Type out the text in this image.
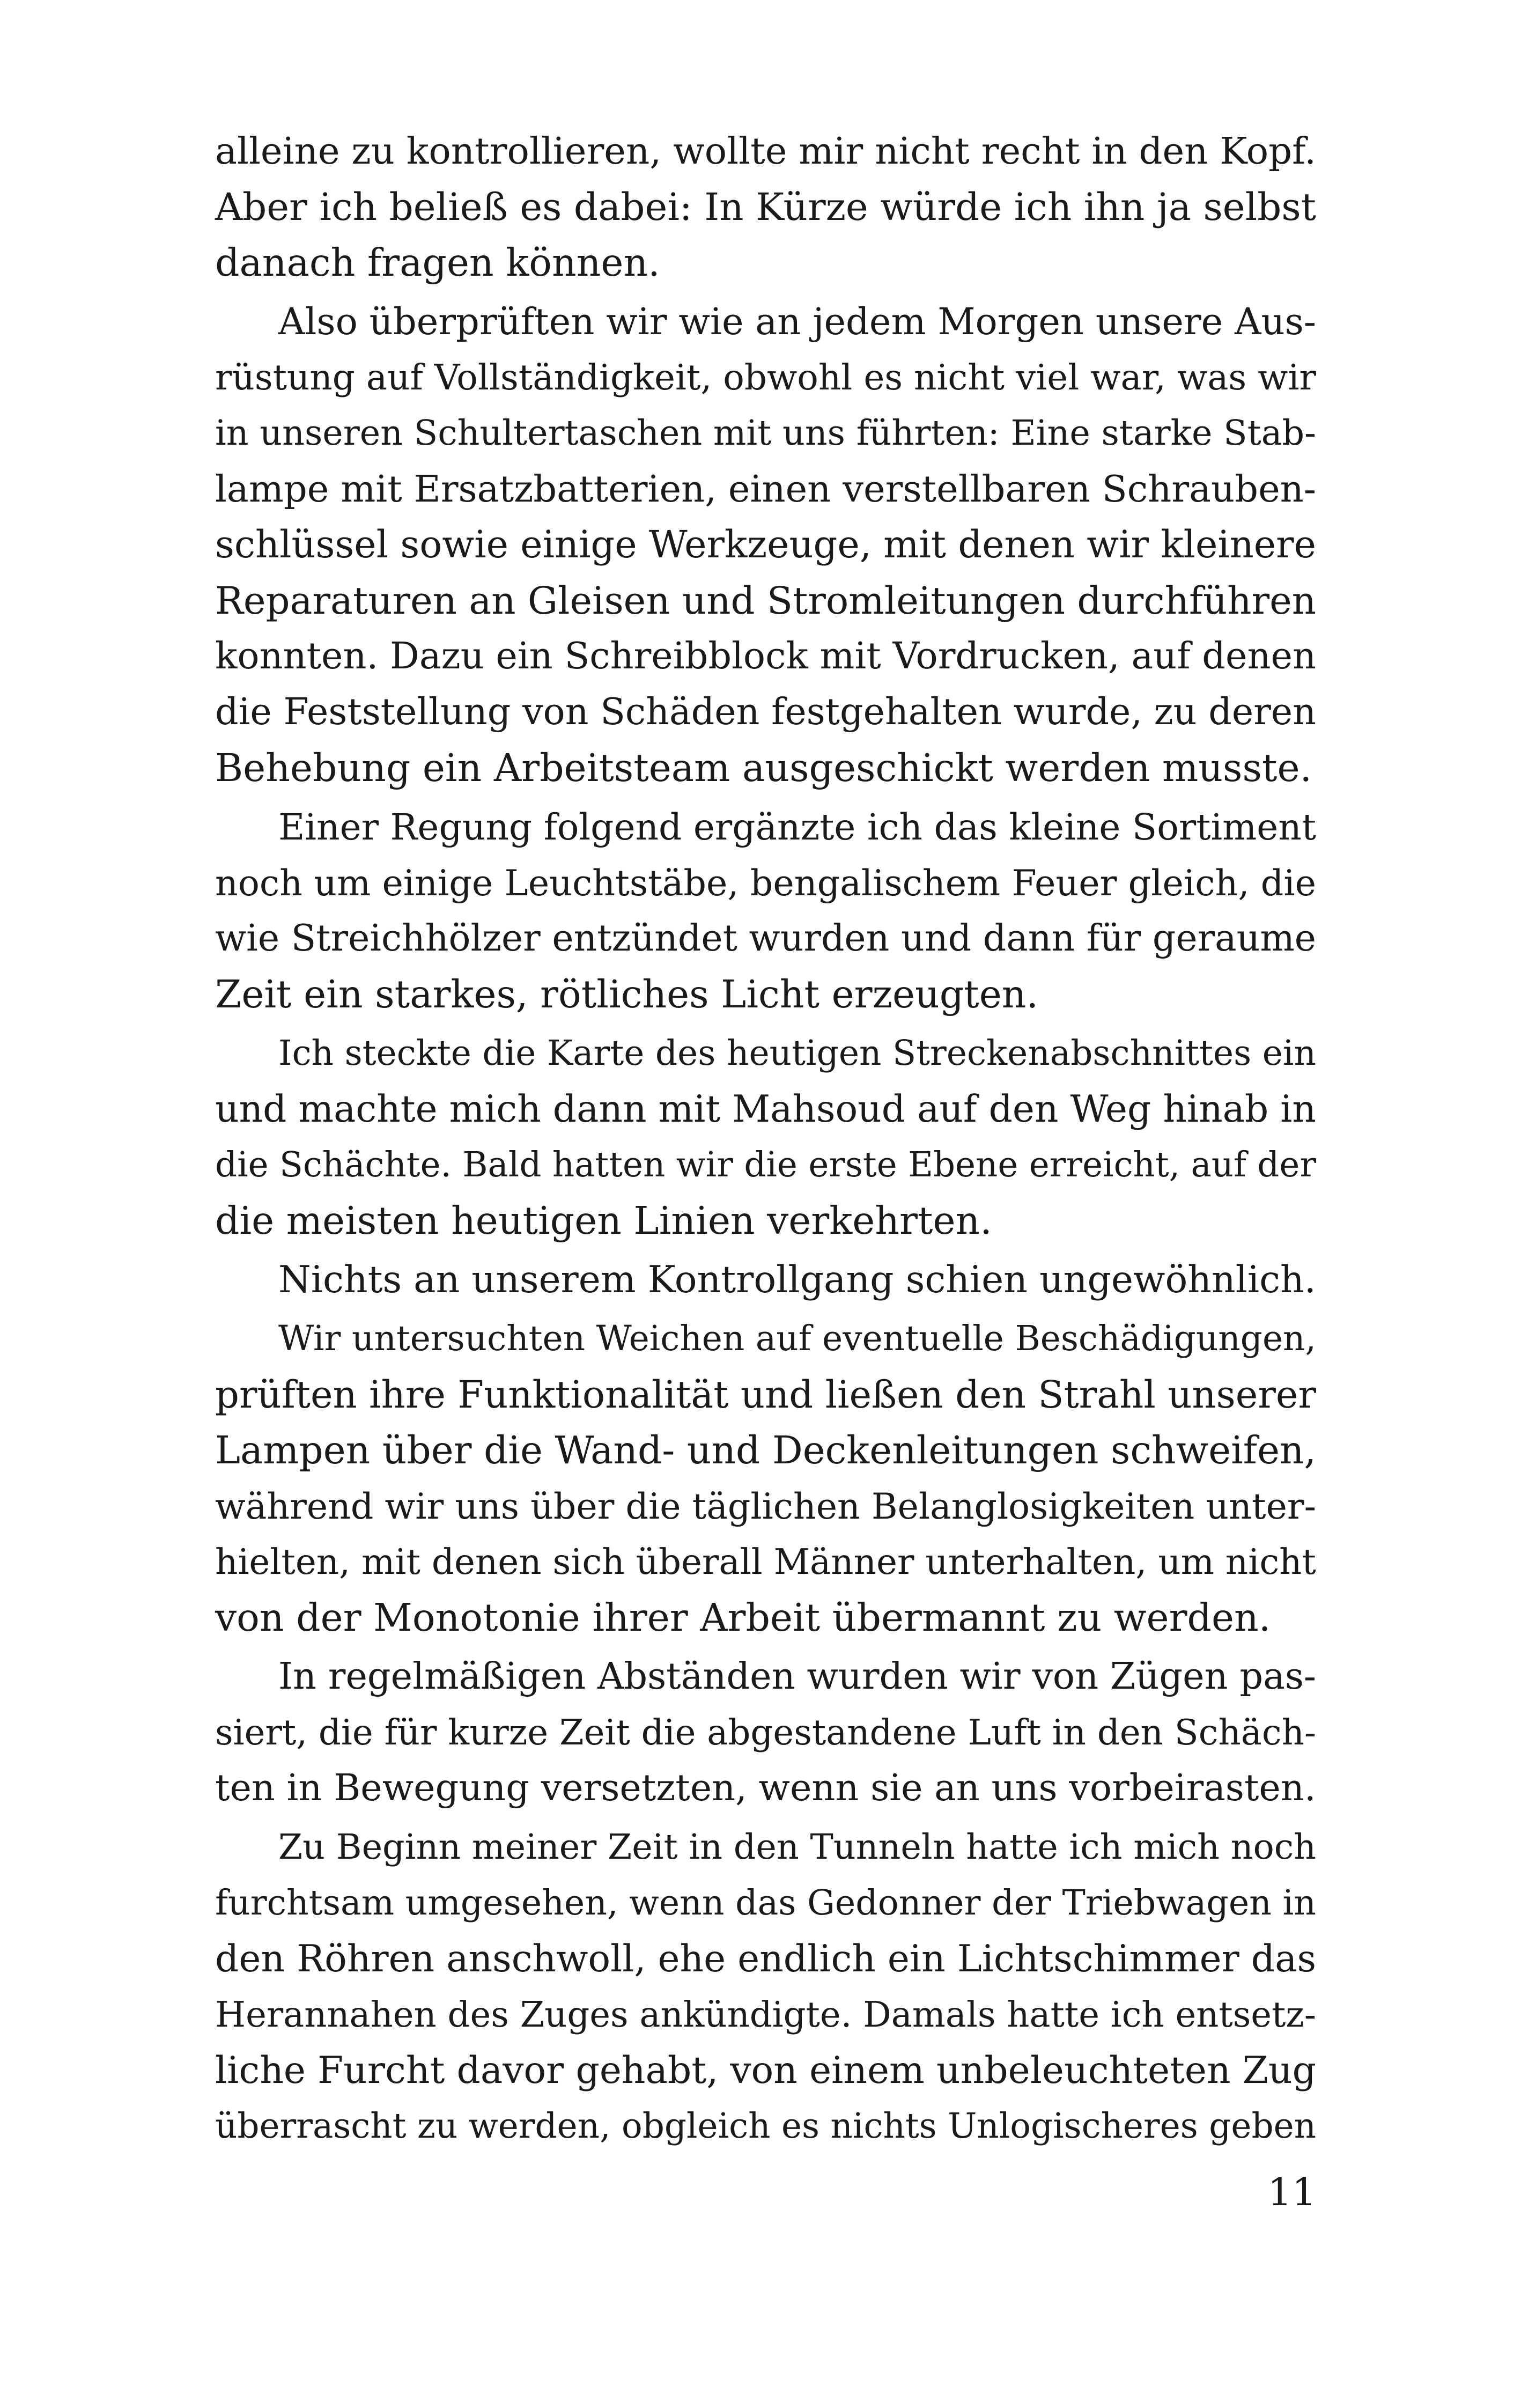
alleine zu kontrollieren, wollte mir nicht recht in den Kopf.
Aber ich beließ es dabei: In Kürze würde ich ihn ja selbst
danach fragen können.
Also überprüften wir wie an jedem Morgen unsere Aus-
rüstung auf Vollständigkeit, obwohl es nicht viel war, was wir
in unseren Schultertaschen mit uns führten: Eine starke Stab-
lampe mit Ersatzbatterien, einen verstellbaren Schrauben-
schlüssel sowie einige Werkzeuge, mit denen wir kleinere
Reparaturen an Gleisen und Stromleitungen durchführen
konnten. Dazu ein Schreibblock mit Vordrucken, auf denen
die Feststellung von Schäden festgehalten wurde, zu deren
Behebung ein Arbeitsteam ausgeschickt werden musste.
Einer Regung folgend ergänzte ich das kleine Sortiment
noch um einige Leuchtstäbe, bengalischem Feuer gleich, die
wie Streichhölzer entzündet wurden und dann für geraume
Zeit ein starkes, rötliches Licht erzeugten.
Ich steckte die Karte des heutigen Streckenabschnittes ein
und machte mich dann mit Mahsoud auf den Weg hinab in
die Schächte. Bald hatten wir die erste Ebene erreicht, auf der
die meisten heutigen Linien verkehrten.
Nichts an unserem Kontrollgang schien ungewöhnlich.
Wir untersuchten Weichen auf eventuelle Beschädigungen,
prüften ihre Funktionalität und ließen den Strahl unserer
Lampen über die Wand- und Deckenleitungen schweifen,
während wir uns über die täglichen Belanglosigkeiten unter-
hielten, mit denen sich überall Männer unterhalten, um nicht
von der Monotonie ihrer Arbeit übermannt zu werden.
In regelmäßigen Abständen wurden wir von Zügen pas-
siert, die für kurze Zeit die abgestandene Luft in den Schäch-
ten in Bewegung versetzten, wenn sie an uns vorbeirasten.
Zu Beginn meiner Zeit in den Tunneln hatte ich mich noch
furchtsam umgesehen, wenn das Gedonner der Triebwagen in
den Röhren anschwoll, ehe endlich ein Lichtschimmer das
Herannahen des Zuges ankündigte. Damals hatte ich entsetz-
liche Furcht davor gehabt, von einem unbeleuchteten Zug
überrascht zu werden, obgleich es nichts Unlogischeres geben
11
